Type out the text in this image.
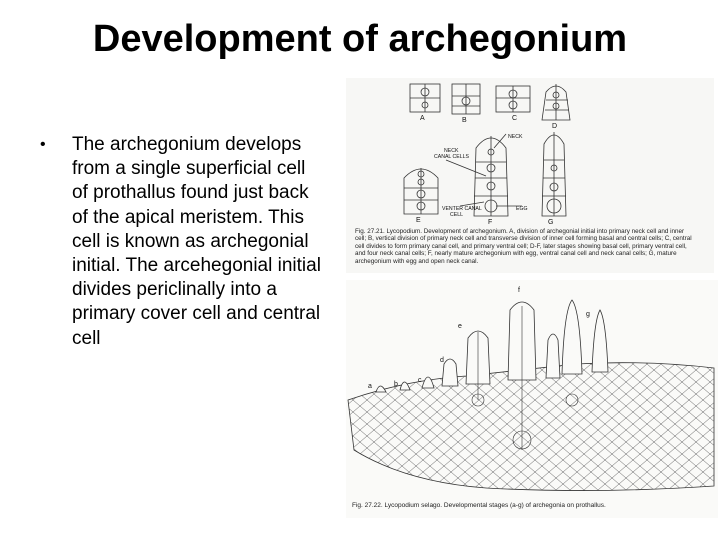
Development of archegonium
• The archegonium develops from a single superficial cell of prothallus found just back of the apical meristem. This cell is known as archegonial initial. The arcehegonial initial divides periclinally into a primary cover cell and central cell
A	B	C
D
E	F	G
NECK
NECK CANAL CELLS
VENTER CANAL CELL
EGG
Fig. 27.21. Lycopodium. Development of archegonium. A, division of archegonial initial into primary neck cell and inner cell; B, vertical division of primary neck cell and transverse division of inner cell forming basal and central cells; C, central cell divides to form primary canal cell, and primary ventral cell; D-F, later stages showing basal cell, primary ventral cell, and four neck canal cells; F, nearly mature archegonium with egg, ventral canal cell and neck canal cells; G, mature archegonium with egg and open neck canal.
a	b
c
d
e
f
g
Fig. 27.22. Lycopodium selago. Developmental stages (a-g) of archegonia on prothallus.
